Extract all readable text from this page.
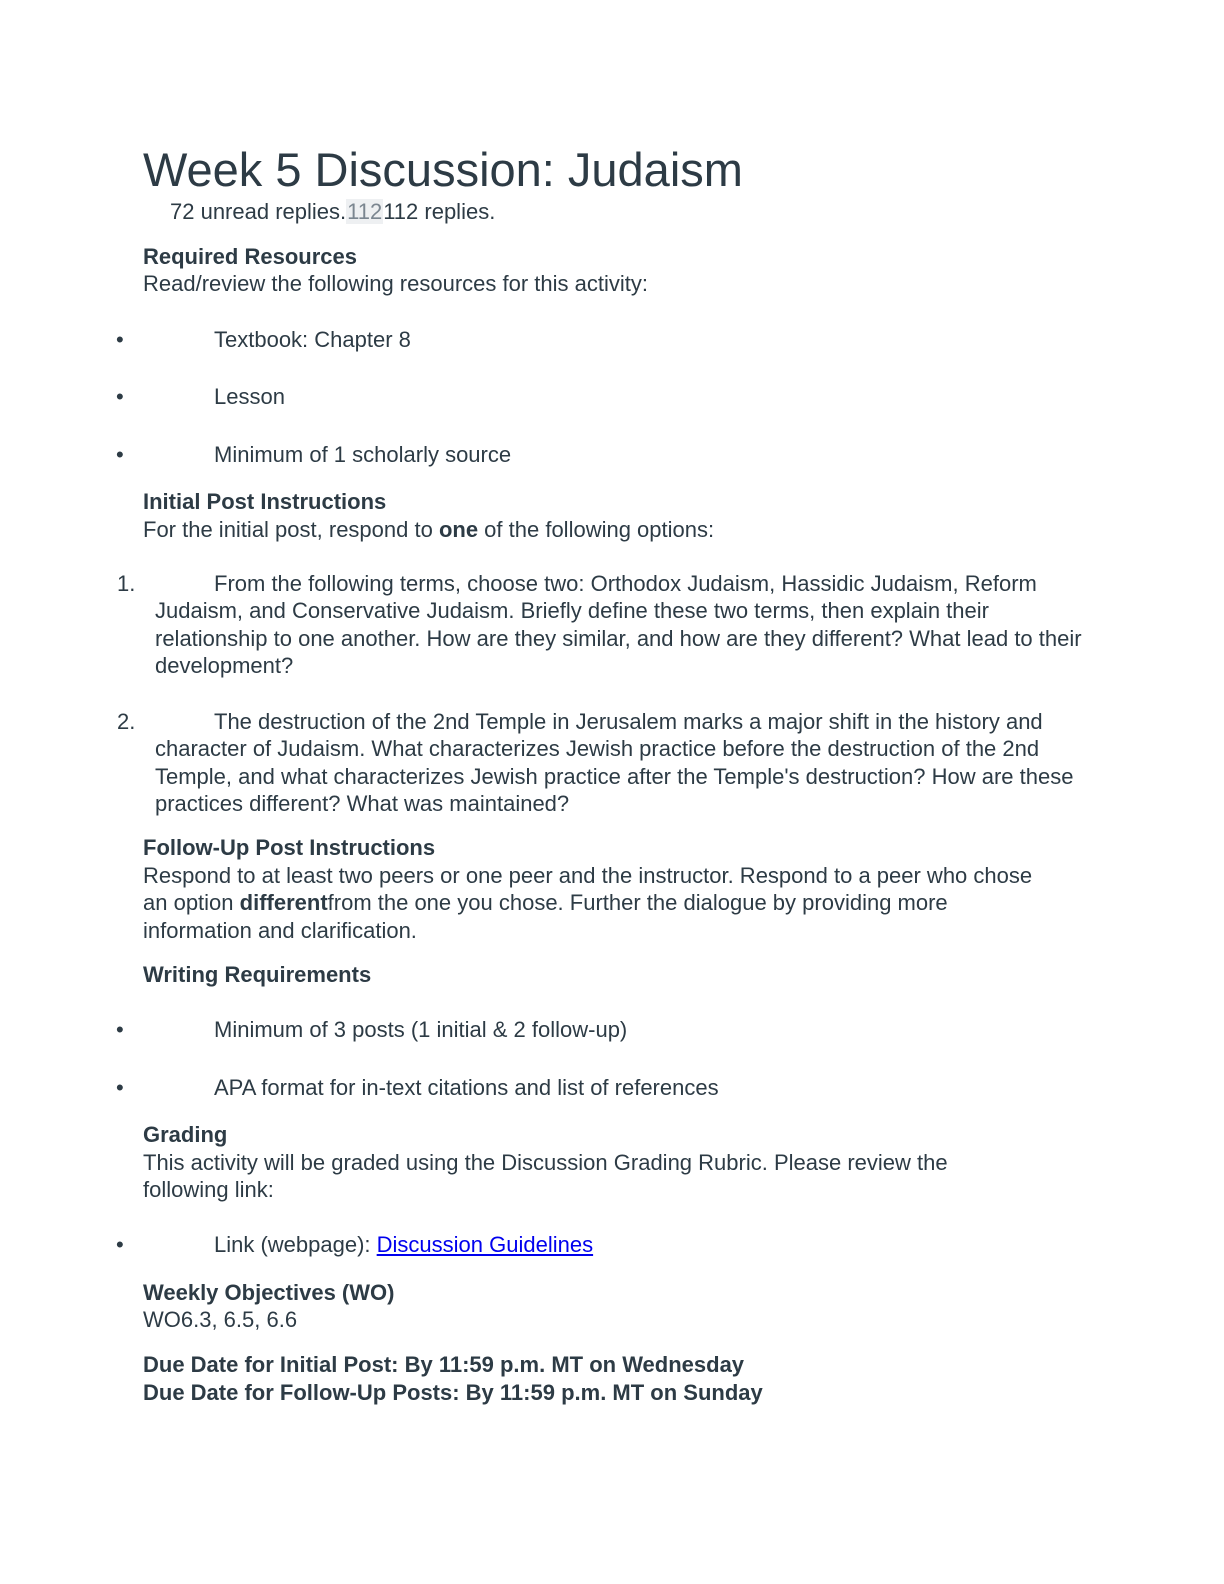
Week 5 Discussion: Judaism
72 unread replies.112112 replies.
Required Resources
Read/review the following resources for this activity:
•	Textbook: Chapter 8
•	Lesson
•	Minimum of 1 scholarly source
Initial Post Instructions
For the initial post, respond to one of the following options:
1.	From the following terms, choose two: Orthodox Judaism, Hassidic Judaism, Reform Judaism, and Conservative Judaism. Briefly define these two terms, then explain their relationship to one another. How are they similar, and how are they different? What lead to their development?
2.	The destruction of the 2nd Temple in Jerusalem marks a major shift in the history and character of Judaism. What characterizes Jewish practice before the destruction of the 2nd Temple, and what characterizes Jewish practice after the Temple's destruction? How are these practices different? What was maintained?
Follow-Up Post Instructions
Respond to at least two peers or one peer and the instructor. Respond to a peer who chose an option differentfrom the one you chose. Further the dialogue by providing more information and clarification.
Writing Requirements
•	Minimum of 3 posts (1 initial & 2 follow-up)
•	APA format for in-text citations and list of references
Grading
This activity will be graded using the Discussion Grading Rubric. Please review the following link:
•	Link (webpage): Discussion Guidelines
Weekly Objectives (WO)
WO6.3, 6.5, 6.6
Due Date for Initial Post: By 11:59 p.m. MT on Wednesday
Due Date for Follow-Up Posts: By 11:59 p.m. MT on Sunday
